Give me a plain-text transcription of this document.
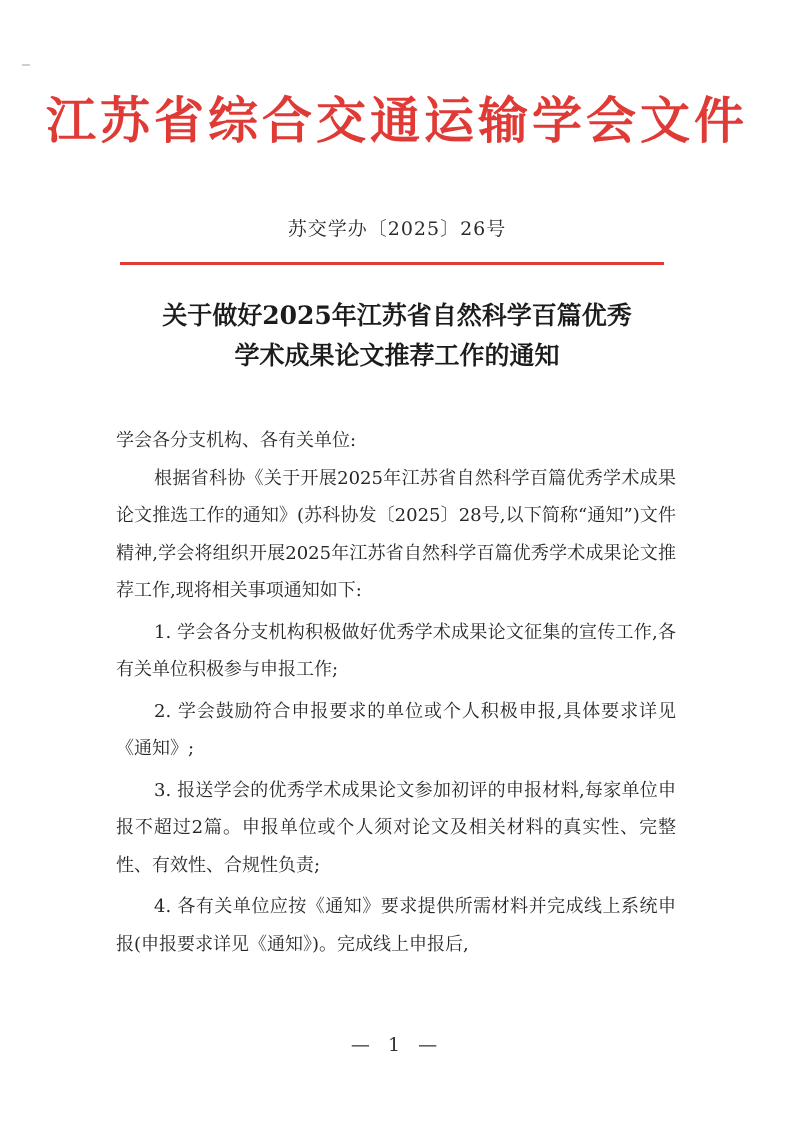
江苏省综合交通运输学会文件
苏交学办〔2025〕26号
关于做好2025年江苏省自然科学百篇优秀
学术成果论文推荐工作的通知

学会各分支机构、各有关单位:

根据省科协《关于开展2025年江苏省自然科学百篇优秀学术成果论文推选工作的通知》(苏科协发〔2025〕28号,以下简称“通知”)文件精神,学会将组织开展2025年江苏省自然科学百篇优秀学术成果论文推荐工作,现将相关事项通知如下:

1. 学会各分支机构积极做好优秀学术成果论文征集的宣传工作,各有关单位积极参与申报工作;

2. 学会鼓励符合申报要求的单位或个人积极申报,具体要求详见《通知》;

3. 报送学会的优秀学术成果论文参加初评的申报材料,每家单位申报不超过2篇。申报单位或个人须对论文及相关材料的真实性、完整性、有效性、合规性负责;

4. 各有关单位应按《通知》要求提供所需材料并完成线上系统申报(申报要求详见《通知》)。完成线上申报后,

— 1 —
